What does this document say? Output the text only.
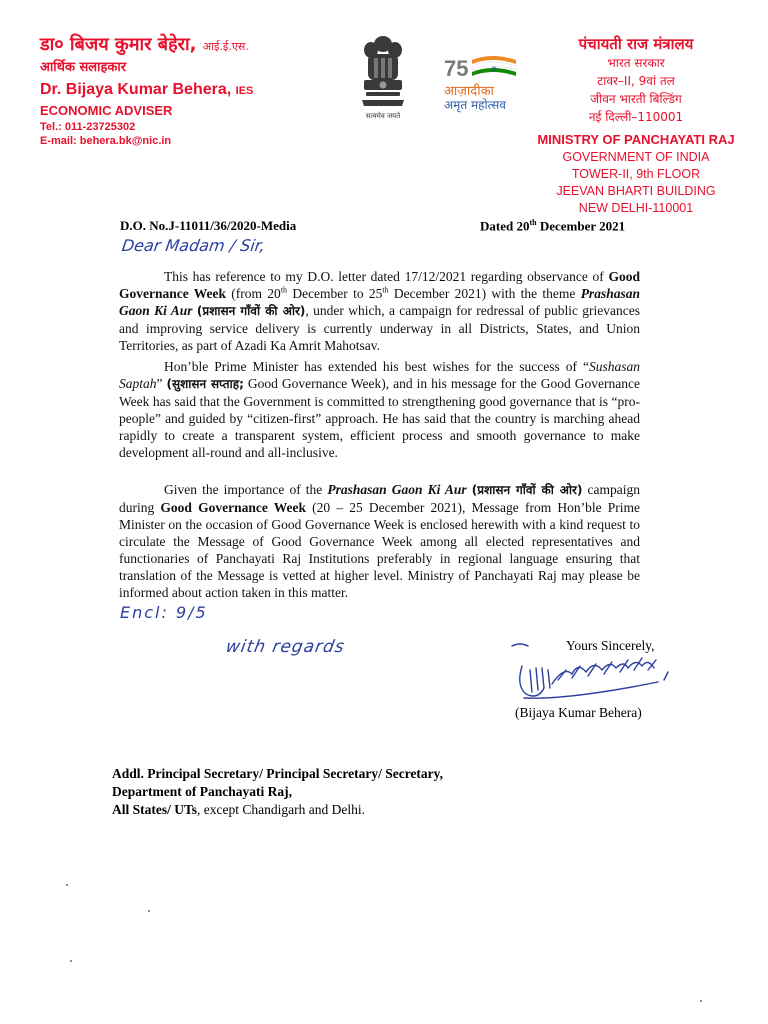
डा० बिजय कुमार बेहेरा, आई.ई.एस.
आर्थिक सलाहकार
Dr. Bijaya Kumar Behera, IES
ECONOMIC ADVISER
Tel.: 011-23725302
E-mail: behera.bk@nic.in
सत्यमेव जयते
75
आज़ादीका
अमृत महोत्सव
पंचायती राज मंत्रालय
भारत सरकार
टावर–II, 9वां तल
जीवन भारती बिल्डिंग
नई दिल्ली–110001
MINISTRY OF PANCHAYATI RAJ
GOVERNMENT OF INDIA
TOWER-II, 9th FLOOR
JEEVAN BHARTI BUILDING
NEW DELHI-110001
D.O. No.J-11011/36/2020-Media	Dated 20th December 2021
Dear Madam / Sir,
This has reference to my D.O. letter dated 17/12/2021 regarding observance of Good Governance Week (from 20th December to 25th December 2021) with the theme Prashasan Gaon Ki Aur (प्रशासन गाँवों की ओर), under which, a campaign for redressal of public grievances and improving service delivery is currently underway in all Districts, States, and Union Territories, as part of Azadi Ka Amrit Mahotsav.
Hon’ble Prime Minister has extended his best wishes for the success of “Sushasan Saptah” (सुशासन सप्ताह; Good Governance Week), and in his message for the Good Governance Week has said that the Government is committed to strengthening good governance that is “pro-people” and guided by “citizen-first” approach. He has said that the country is marching ahead rapidly to create a transparent system, efficient process and smooth governance to make development all-round and all-inclusive.
Given the importance of the Prashasan Gaon Ki Aur (प्रशासन गाँवों की ओर) campaign during Good Governance Week (20 – 25 December 2021), Message from Hon’ble Prime Minister on the occasion of Good Governance Week is enclosed herewith with a kind request to circulate the Message of Good Governance Week among all elected representatives and functionaries of Panchayati Raj Institutions preferably in regional language ensuring that translation of the Message is vetted at higher level. Ministry of Panchayati Raj may please be informed about action taken in this matter.
Encl: 9/5
with regards	Yours Sincerely,
(Bijaya Kumar Behera)
Addl. Principal Secretary/ Principal Secretary/ Secretary,
Department of Panchayati Raj,
All States/ UTs, except Chandigarh and Delhi.
